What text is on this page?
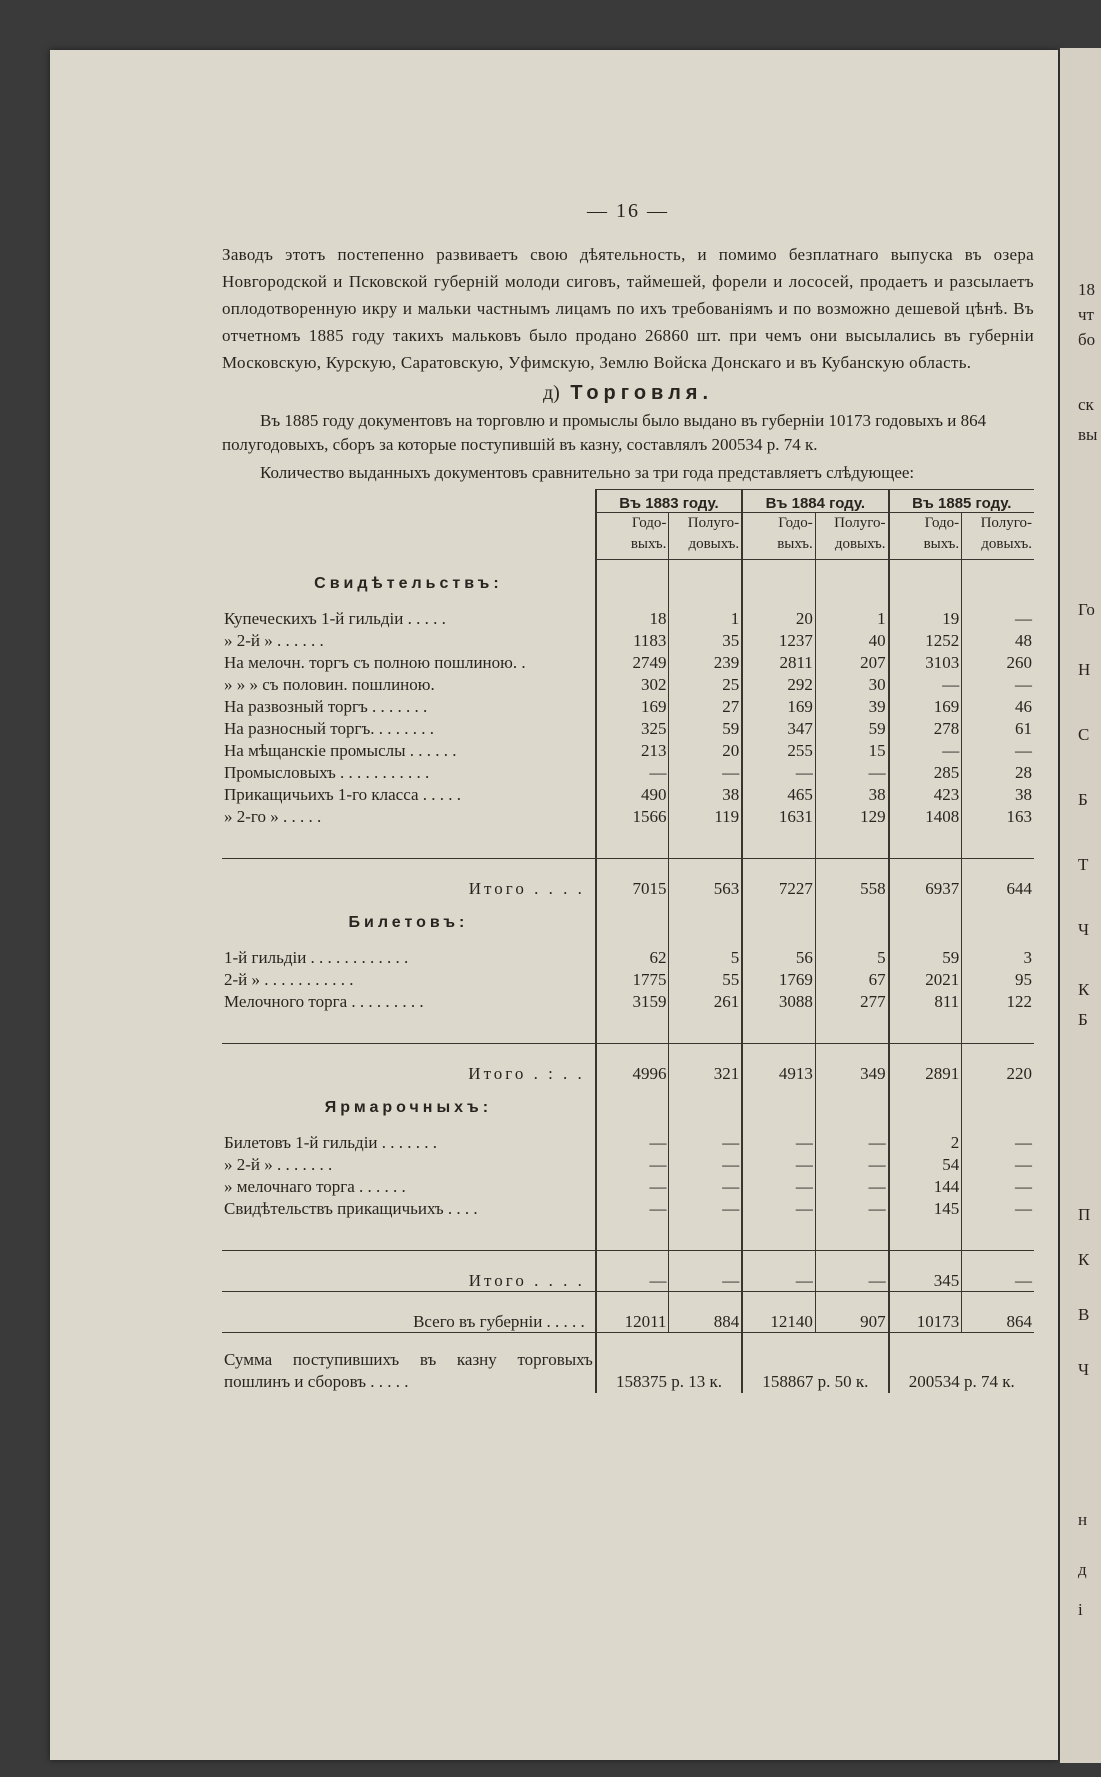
18
чт
бо
ск
вы
Го
Н
С
Б
Т
Ч
К
Б
П
К
В
Ч
н
д
і
— 16 —

Заводъ этотъ постепенно развиваетъ свою дѣятельность, и помимо безплатнаго выпуска въ озера Новгородской и Псковской губерній молоди сиговъ, таймешей, форели и лососей, продаетъ и разсылаетъ оплодотворенную икру и мальки частнымъ лицамъ по ихъ требованіямъ и по возможно дешевой цѣнѣ. Въ отчетномъ 1885 году такихъ мальковъ было продано 26860 шт. при чемъ они высылались въ губерніи Московскую, Курскую, Саратовскую, Уфимскую, Землю Войска Донскаго и въ Кубанскую область.

д) Торговля.

Въ 1885 году документовъ на торговлю и промыслы было выдано въ губерніи 10173 годовыхъ и 864 полугодовыхъ, сборъ за которые поступившій въ казну, составлялъ 200534 р. 74 к.

Количество выданныхъ документовъ сравнительно за три года представляетъ слѣдующее:

	Въ 1883 году.		Въ 1884 году.		Въ 1885 году.	
	Годо-выхъ.	Полуго-довыхъ.	Годо-выхъ.	Полуго-довыхъ.	Годо-выхъ.	Полуго-довыхъ.
Свидѣтельствъ:						
Купеческихъ 1-й гильдіи . . . . .	18	1	20	1	19	—
» 2-й » . . . . . .	1183	35	1237	40	1252	48
На мелочн. торгъ съ полною пошлиною. .	2749	239	2811	207	3103	260
» » » съ половин. пошлиною.	302	25	292	30	—	—
На развозный торгъ . . . . . . .	169	27	169	39	169	46
На разносный торгъ. . . . . . . .	325	59	347	59	278	61
На мѣщанскіе промыслы . . . . . .	213	20	255	15	—	—
Промысловыхъ . . . . . . . . . . .	—	—	—	—	285	28
Прикащичьихъ 1-го класса . . . . .	490	38	465	38	423	38
» 2-го » . . . . .	1566	119	1631	129	1408	163

Итого . . . .	7015	563	7227	558	6937	644
Билетовъ:						
1-й гильдіи . . . . . . . . . . . .	62	5	56	5	59	3
2-й » . . . . . . . . . . .	1775	55	1769	67	2021	95
Мелочного торга . . . . . . . . .	3159	261	3088	277	811	122

Итого . : . .	4996	321	4913	349	2891	220
Ярмарочныхъ:						
Билетовъ 1-й гильдіи . . . . . . .	—	—	—	—	2	—
» 2-й » . . . . . . .	—	—	—	—	54	—
» мелочнаго торга . . . . . .	—	—	—	—	144	—
Свидѣтельствъ прикащичьихъ . . . .	—	—	—	—	145	—

Итого . . . .	—	—	—	—	345	—
Всего въ губерніи . . . . .	12011	884	12140	907	10173	864
Сумма поступившихъ въ казну торговыхъ пошлинъ и сборовъ . . . . .	158375 р. 13 к.		158867 р. 50 к.		200534 р. 74 к.	
